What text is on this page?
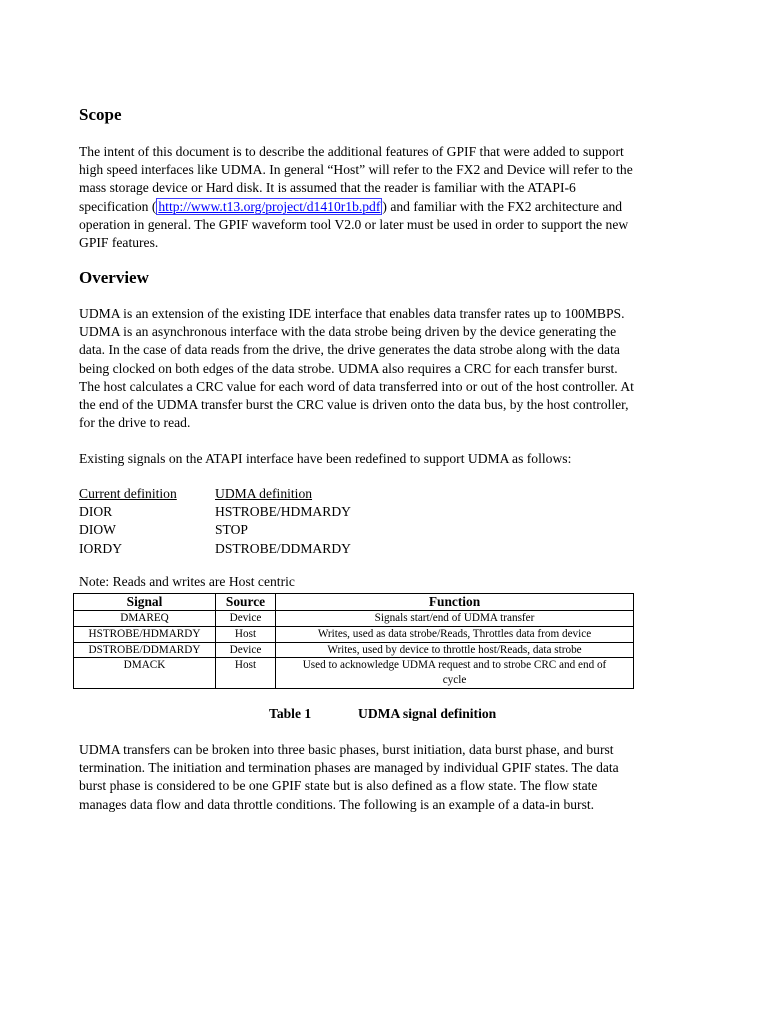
Scope

The intent of this document is to describe the additional features of GPIF that were added to support
high speed interfaces like UDMA. In general “Host” will refer to the FX2 and Device will refer to the
mass storage device or Hard disk. It is assumed that the reader is familiar with the ATAPI-6
specification ( http://www.t13.org/project/d1410r1b.pdf ) and familiar with the FX2 architecture and
operation in general. The GPIF waveform tool V2.0 or later must be used in order to support the new
GPIF features.

Overview

UDMA is an extension of the existing IDE interface that enables data transfer rates up to 100MBPS.
UDMA is an asynchronous interface with the data strobe being driven by the device generating the
data. In the case of data reads from the drive, the drive generates the data strobe along with the data
being clocked on both edges of the data strobe. UDMA also requires a CRC for each transfer burst.
The host calculates a CRC value for each word of data transferred into or out of the host controller. At
the end of the UDMA transfer burst the CRC value is driven onto the data bus, by the host controller,
for the drive to read.

Existing signals on the ATAPI interface have been redefined to support UDMA as follows:

Current definition	UDMA definition
DIOR	HSTROBE/HDMARDY
DIOW	STOP
IORDY	DSTROBE/DDMARDY

Note: Reads and writes are Host centric

Signal	Source	Function
DMAREQ	Device	Signals start/end of UDMA transfer
HSTROBE/HDMARDY	Host	Writes, used as data strobe/Reads, Throttles data from device
DSTROBE/DDMARDY	Device	Writes, used by device to throttle host/Reads, data strobe
DMACK	Host	Used to acknowledge UDMA request and to strobe CRC and end of
cycle
Table 1	UDMA signal definition

UDMA transfers can be broken into three basic phases, burst initiation, data burst phase, and burst
termination. The initiation and termination phases are managed by individual GPIF states. The data
burst phase is considered to be one GPIF state but is also defined as a flow state. The flow state
manages data flow and data throttle conditions. The following is an example of a data-in burst.
